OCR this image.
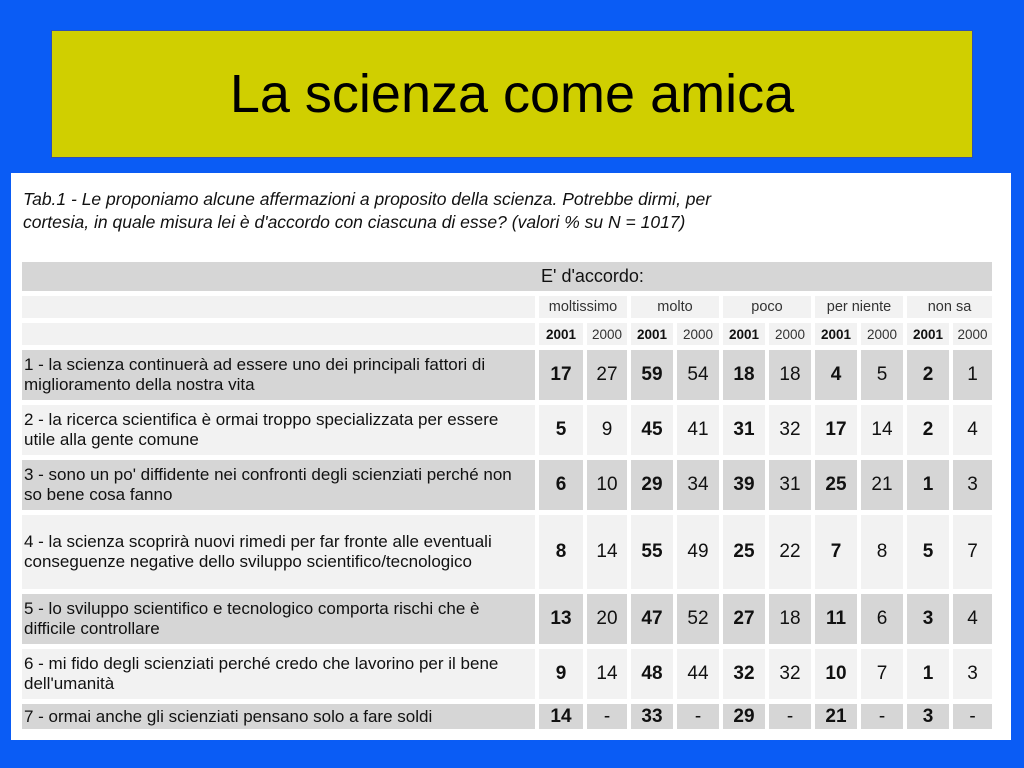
La scienza come amica
Tab.1 - Le proponiamo alcune affermazioni a proposito della scienza. Potrebbe dirmi, per
cortesia, in quale misura lei è d'accordo con ciascuna di esse? (valori % su N = 1017)
	E' d'accordo:									

	moltissimo		molto		poco		per niente		non sa	

	2001	2000	2001	2000	2001	2000	2001	2000	2001	2000

1 - la scienza continuerà ad essere uno dei principali fattori di miglioramento della nostra vita	17	27	59	54	18	18	4	5	2	1

2 - la ricerca scientifica è ormai troppo specializzata per essere utile alla gente comune	5	9	45	41	31	32	17	14	2	4

3 - sono un po' diffidente nei confronti degli scienziati perché non so bene cosa fanno	6	10	29	34	39	31	25	21	1	3

4 - la scienza scoprirà nuovi rimedi per far fronte alle eventuali conseguenze negative dello sviluppo scientifico/tecnologico	8	14	55	49	25	22	7	8	5	7

5 - lo sviluppo scientifico e tecnologico comporta rischi che è difficile controllare	13	20	47	52	27	18	11	6	3	4

6 - mi fido degli scienziati perché credo che lavorino per il bene dell'umanità	9	14	48	44	32	32	10	7	1	3

7 - ormai anche gli scienziati pensano solo a fare soldi	14	-	33	-	29	-	21	-	3	-
